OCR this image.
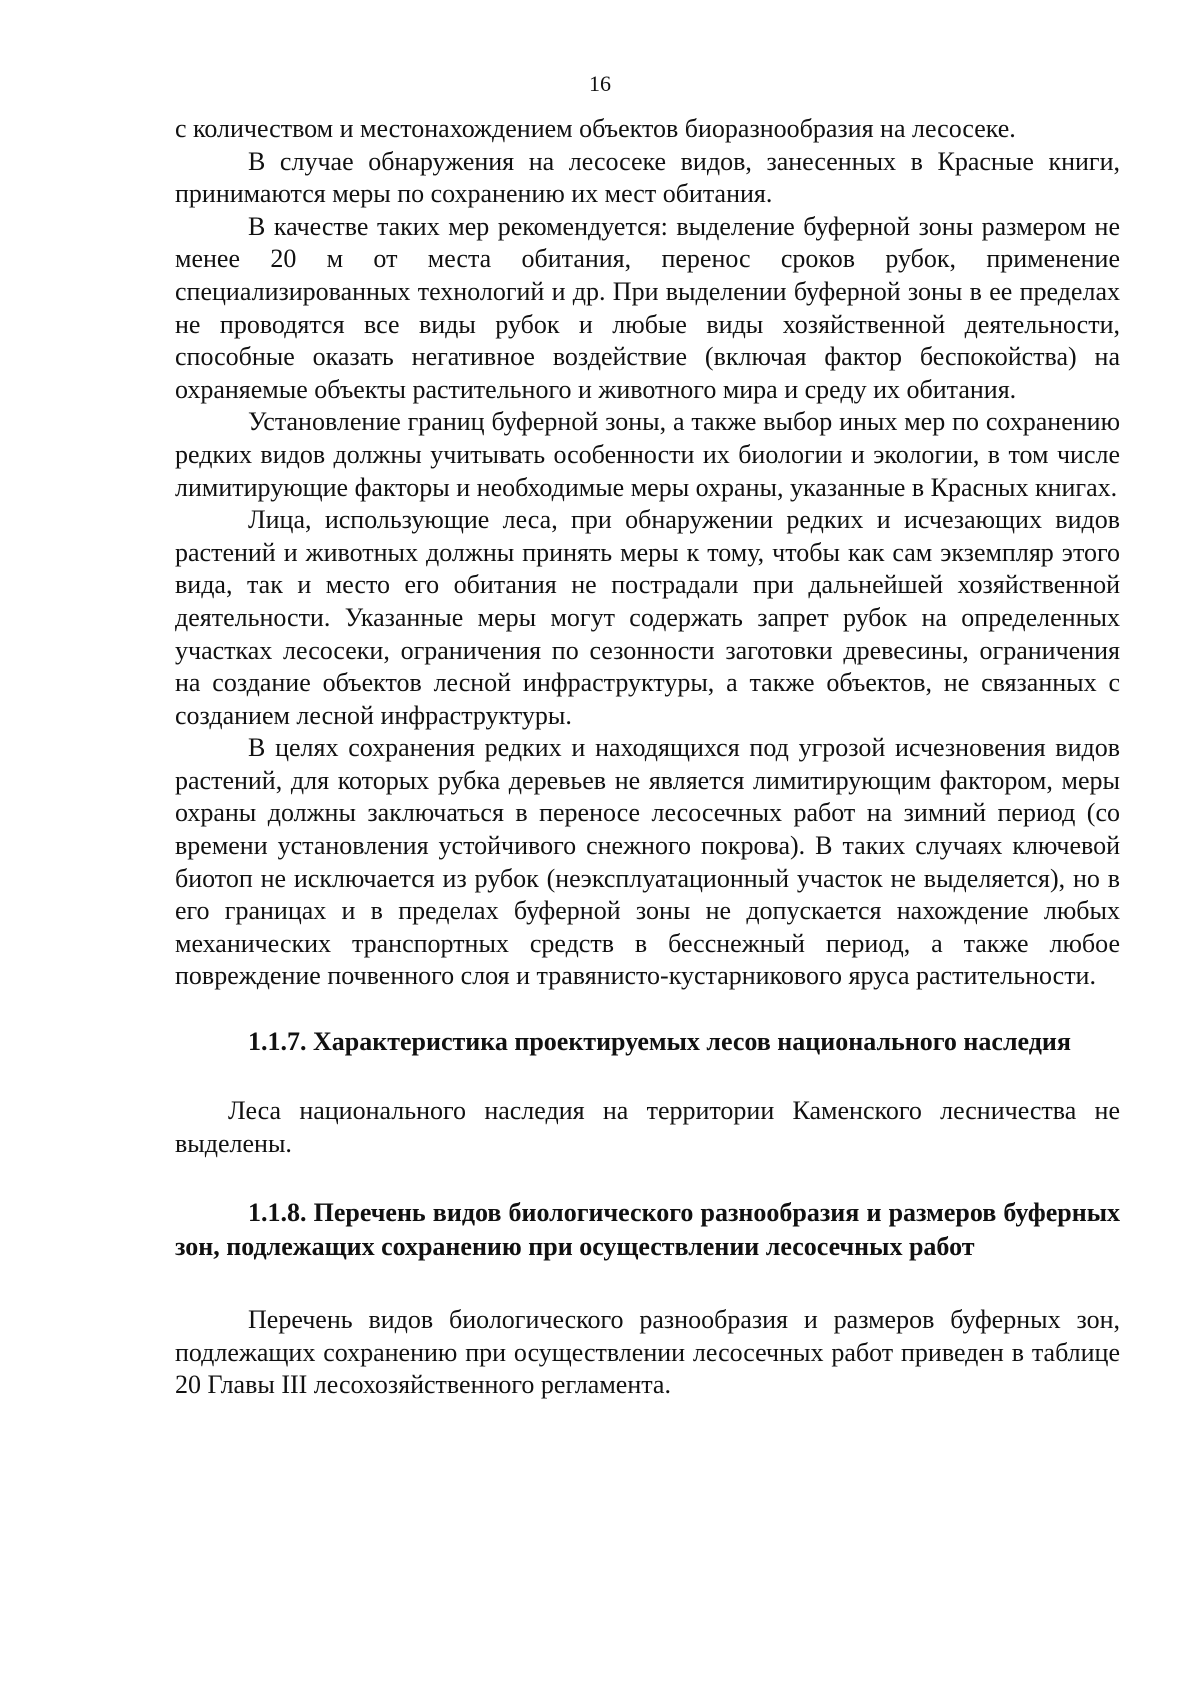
16

с количеством и местонахождением объектов биоразнообразия на лесосеке.

В случае обнаружения на лесосеке видов, занесенных в Красные книги, принимаются меры по сохранению их мест обитания.

В качестве таких мер рекомендуется: выделение буферной зоны размером не менее 20 м от места обитания, перенос сроков рубок, применение специализированных технологий и др. При выделении буферной зоны в ее пределах не проводятся все виды рубок и любые виды хозяйственной деятельности, способные оказать негативное воздействие (включая фактор беспокойства) на охраняемые объекты растительного и животного мира и среду их обитания.

Установление границ буферной зоны, а также выбор иных мер по сохранению редких видов должны учитывать особенности их биологии и экологии, в том числе лимитирующие факторы и необходимые меры охраны, указанные в Красных книгах.

Лица, использующие леса, при обнаружении редких и исчезающих видов растений и животных должны принять меры к тому, чтобы как сам экземпляр этого вида, так и место его обитания не пострадали при дальнейшей хозяйственной деятельности. Указанные меры могут содержать запрет рубок на определенных участках лесосеки, ограничения по сезонности заготовки древесины, ограничения на создание объектов лесной инфраструктуры, а также объектов, не связанных с созданием лесной инфраструктуры.

В целях сохранения редких и находящихся под угрозой исчезновения видов растений, для которых рубка деревьев не является лимитирующим фактором, меры охраны должны заключаться в переносе лесосечных работ на зимний период (со времени установления устойчивого снежного покрова). В таких случаях ключевой биотоп не исключается из рубок (неэксплуатационный участок не выделяется), но в его границах и в пределах буферной зоны не допускается нахождение любых механических транспортных средств в бесснежный период, а также любое повреждение почвенного слоя и травянисто-кустарникового яруса растительности.

1.1.7. Характеристика проектируемых лесов национального наследия

Леса национального наследия на территории Каменского лесничества не выделены.

1.1.8. Перечень видов биологического разнообразия и размеров буферных зон, подлежащих сохранению при осуществлении лесосечных работ

Перечень видов биологического разнообразия и размеров буферных зон, подлежащих сохранению при осуществлении лесосечных работ приведен в таблице 20 Главы III лесохозяйственного регламента.
